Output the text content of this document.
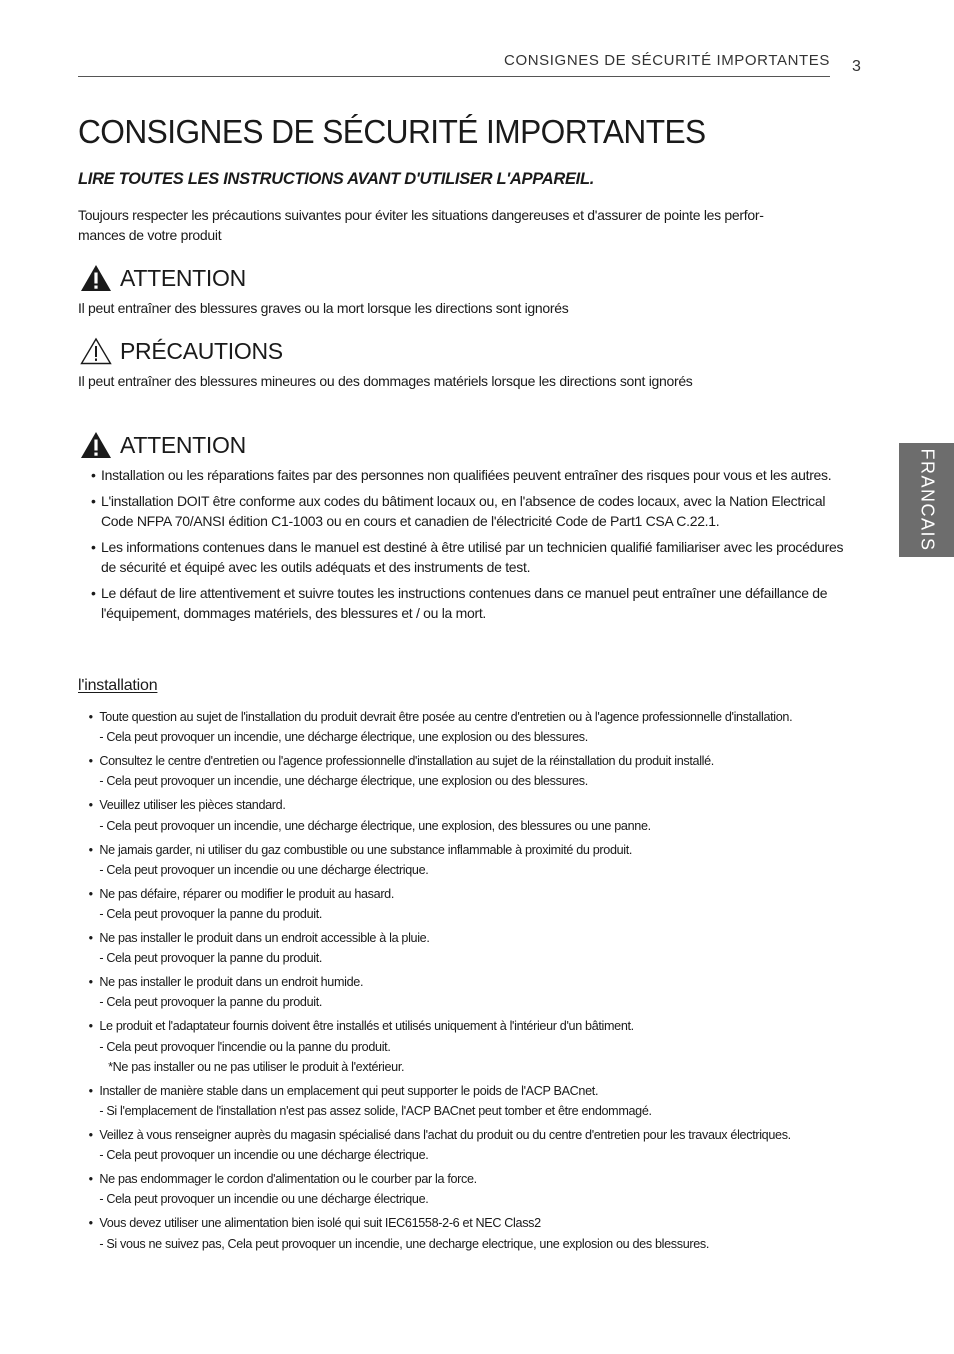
CONSIGNES DE SÉCURITÉ IMPORTANTES 3
FRANCAIS
CONSIGNES DE SÉCURITÉ IMPORTANTES
LIRE TOUTES LES INSTRUCTIONS AVANT D'UTILISER L'APPAREIL.
Toujours respecter les précautions suivantes pour éviter les situations dangereuses et d'assurer de pointe les perfor-
mances de votre produit
ATTENTION
Il peut entraîner des blessures graves ou la mort lorsque les directions sont ignorés
PRÉCAUTIONS
Il peut entraîner des blessures mineures ou des dommages matériels lorsque les directions sont ignorés
ATTENTION
• Installation ou les réparations faites par des personnes non qualifiées peuvent entraîner des risques pour vous et les autres.
• L'installation DOIT être conforme aux codes du bâtiment locaux ou, en l'absence de codes locaux, avec la Nation Electrical Code NFPA 70/ANSI édition C1-1003 ou en cours et canadien de l'électricité Code de Part1 CSA C.22.1.
• Les informations contenues dans le manuel est destiné à être utilisé par un technicien qualifié familiariser avec les procédures de sécurité et équipé avec les outils adéquats et des instruments de test.
• Le défaut de lire attentivement et suivre toutes les instructions contenues dans ce manuel peut entraîner une défaillance de l'équipement, dommages matériels, des blessures et / ou la mort.
l'installation
• Toute question au sujet de l'installation du produit devrait être posée au centre d'entretien ou à l'agence professionnelle d'installation.
- Cela peut provoquer un incendie, une décharge électrique, une explosion ou des blessures.
• Consultez le centre d'entretien ou l'agence professionnelle d'installation au sujet de la réinstallation du produit installé.
- Cela peut provoquer un incendie, une décharge électrique, une explosion ou des blessures.
• Veuillez utiliser les pièces standard.
- Cela peut provoquer un incendie, une décharge électrique, une explosion, des blessures ou une panne.
• Ne jamais garder, ni utiliser du gaz combustible ou une substance inflammable à proximité du produit.
- Cela peut provoquer un incendie ou une décharge électrique.
• Ne pas défaire, réparer ou modifier le produit au hasard.
- Cela peut provoquer la panne du produit.
• Ne pas installer le produit dans un endroit accessible à la pluie.
- Cela peut provoquer la panne du produit.
• Ne pas installer le produit dans un endroit humide.
- Cela peut provoquer la panne du produit.
• Le produit et l'adaptateur fournis doivent être installés et utilisés uniquement à l'intérieur d'un bâtiment.
- Cela peut provoquer l'incendie ou la panne du produit.
*Ne pas installer ou ne pas utiliser le produit à l'extérieur.
• Installer de manière stable dans un emplacement qui peut supporter le poids de l'ACP BACnet.
- Si l'emplacement de l'installation n'est pas assez solide, l'ACP BACnet peut tomber et être endommagé.
• Veillez à vous renseigner auprès du magasin spécialisé dans l'achat du produit ou du centre d'entretien pour les travaux électriques.
- Cela peut provoquer un incendie ou une décharge électrique.
• Ne pas endommager le cordon d'alimentation ou le courber par la force.
- Cela peut provoquer un incendie ou une décharge électrique.
• Vous devez utiliser une alimentation bien isolé qui suit IEC61558-2-6 et NEC Class2
- Si vous ne suivez pas, Cela peut provoquer un incendie, une decharge electrique, une explosion ou des blessures.
